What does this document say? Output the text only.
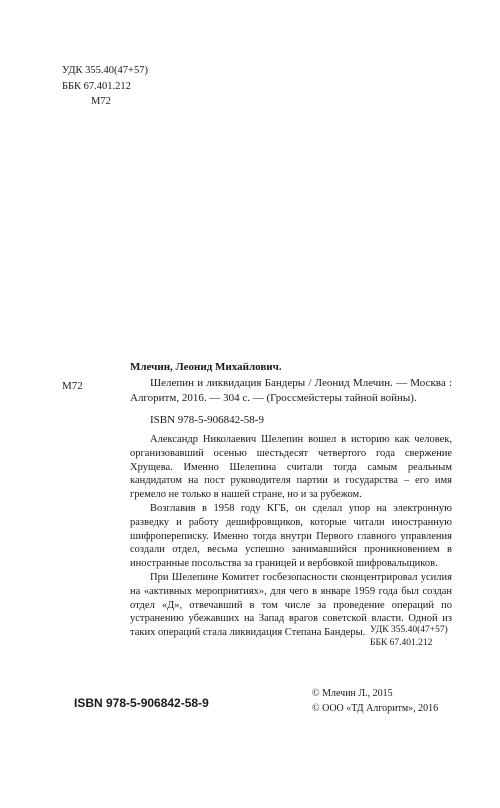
УДК 355.40(47+57)
ББК 67.401.212
М72
Млечин, Леонид Михайлович.
М72	Шелепин и ликвидация Бандеры / Леонид Млечин. — Москва : Алгоритм, 2016. — 304 с. — (Гроссмейстеры тайной войны).
ISBN 978-5-906842-58-9

Александр Николаевич Шелепин вошел в историю как человек, организовавший осенью шестьдесят четвертого года свержение Хрущева. Именно Шелепина считали тогда самым реальным кандидатом на пост руководителя партии и государства – его имя гремело не только в нашей стране, но и за рубежом.

Возглавив в 1958 году КГБ, он сделал упор на электронную разведку и работу дешифровщиков, которые читали иностранную шифропереписку. Именно тогда внутри Первого главного управления создали отдел, весьма успешно занимавшийся проникновением в иностранные посольства за границей и вербовкой шифровальщиков.

При Шелепине Комитет госбезопасности сконцентрировал усилия на «активных мероприятиях», для чего в январе 1959 года был создан отдел «Д», отвечавший в том числе за проведение операций по устранению убежавших на Запад врагов советской власти. Одной из таких операций стала ликвидация Степана Бандеры. УДК 355.40(47+57)
ББК 67.401.212
ISBN 978-5-906842-58-9
© Млечин Л., 2015
© ООО «ТД Алгоритм», 2016
